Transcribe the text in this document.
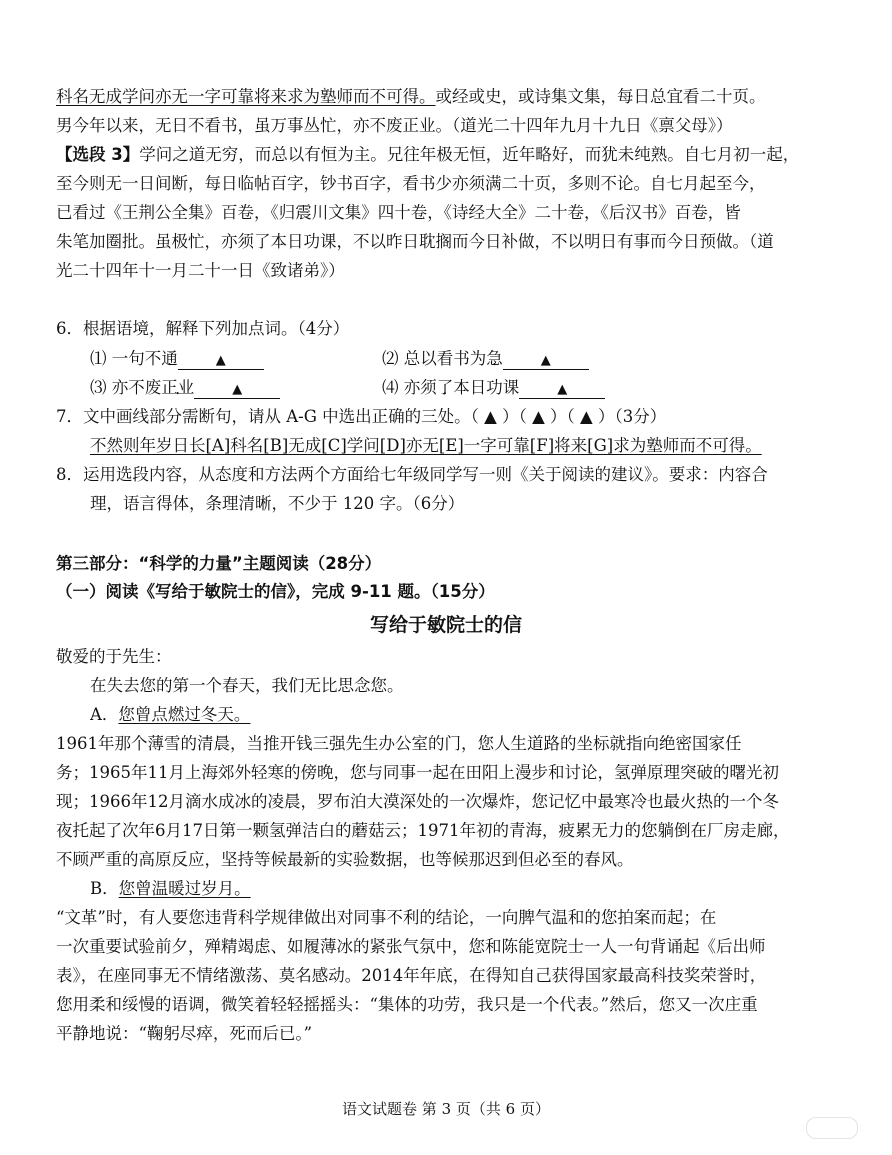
科名无成学问亦无一字可靠将来求为塾师而不可得。或经或史，或诗集文集，每日总宜看二十页。
男今年以来，无日不看书，虽万事丛忙，亦不废正业。（道光二十四年九月十九日《禀父母》）
【选段 3】学问之道无穷，而总以有恒为主。兄往年极无恒，近年略好，而犹未纯熟。自七月初一起，
至今则无一日间断，每日临帖百字，钞书百字，看书少亦须满二十页，多则不论。自七月起至今，
已看过《王荆公全集》百卷，《归震川文集》四十卷，《诗经大全》二十卷，《后汉书》百卷，皆
朱笔加圈批。虽极忙，亦须了本日功课，不以昨日耽搁而今日补做，不以明日有事而今日预做。（道
光二十四年十一月二十一日《致诸弟》）
6．根据语境，解释下列加点词。（4分）
⑴ 一句不通	▲	⑵ 总以看书为急	▲
⑶ 亦不废正业	▲	⑷ 亦须了本日功课	▲
7．文中画线部分需断句，请从 A-G 中选出正确的三处。（ ▲ ）（ ▲ ）（ ▲ ）（3分）
不然则年岁日长[A]科名[B]无成[C]学问[D]亦无[E]一字可靠[F]将来[G]求为塾师而不可得。
8．运用选段内容，从态度和方法两个方面给七年级同学写一则《关于阅读的建议》。要求：内容合
理，语言得体，条理清晰，不少于 120 字。（6分）
第三部分：“科学的力量”主题阅读（28分）
（一）阅读《写给于敏院士的信》，完成 9-11 题。（15分）
写给于敏院士的信
敬爱的于先生：
在失去您的第一个春天，我们无比思念您。
A．您曾点燃过冬天。
1961年那个薄雪的清晨，当推开钱三强先生办公室的门，您人生道路的坐标就指向绝密国家任
务；1965年11月上海郊外轻寒的傍晚，您与同事一起在田阳上漫步和讨论，氢弹原理突破的曙光初
现；1966年12月滴水成冰的凌晨，罗布泊大漠深处的一次爆炸，您记忆中最寒冷也最火热的一个冬
夜托起了次年6月17日第一颗氢弹洁白的蘑菇云；1971年初的青海，疲累无力的您躺倒在厂房走廊，
不顾严重的高原反应，坚持等候最新的实验数据，也等候那迟到但必至的春风。
B．您曾温暖过岁月。
“文革”时，有人要您违背科学规律做出对同事不利的结论，一向脾气温和的您拍案而起；在
一次重要试验前夕，殚精竭虑、如履薄冰的紧张气氛中，您和陈能宽院士一人一句背诵起《后出师
表》，在座同事无不情绪激荡、莫名感动。2014年年底，在得知自己获得国家最高科技奖荣誉时，
您用柔和绥慢的语调，微笑着轻轻摇摇头：“集体的功劳，我只是一个代表。”然后，您又一次庄重
平静地说：“鞠躬尽瘁，死而后已。”
语文试题卷 第 3 页（共 6 页）
